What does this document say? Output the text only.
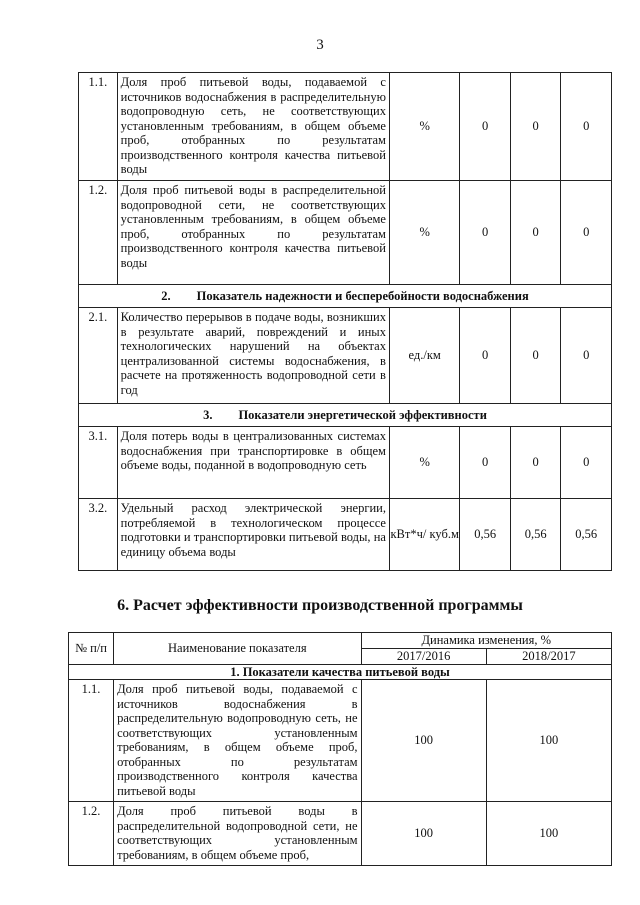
3
1.1.	Доля проб питьевой воды, подаваемой с источников водоснабжения в распределительную водопроводную сеть, не соответствующих установленным требованиям, в общем объеме проб, отобранных по результатам производственного контроля качества питьевой воды	%	0	0	0
1.2.	Доля проб питьевой воды в распределительной водопроводной сети, не соответствующих установленным требованиям, в общем объеме проб, отобранных по результатам производственного контроля качества питьевой воды	%	0	0	0
2. Показатель надежности и бесперебойности водоснабжения					
2.1.	Количество перерывов в подаче воды, возникших в результате аварий, повреждений и иных технологических нарушений на объектах централизованной системы водоснабжения, в расчете на протяженность водопроводной сети в год	ед./км	0	0	0
3. Показатели энергетической эффективности					
3.1.	Доля потерь воды в централизованных системах водоснабжения при транспортировке в общем объеме воды, поданной в водопроводную сеть	%	0	0	0
3.2.	Удельный расход электрической энергии, потребляемой в технологическом процессе подготовки и транспортировки питьевой воды, на единицу объема воды	кВт*ч/ куб.м	0,56	0,56	0,56
6. Расчет эффективности производственной программы
№ п/п	Наименование показателя	Динамика изменения, %	
		2017/2016	2018/2017
1. Показатели качества питьевой воды			
1.1.	Доля проб питьевой воды, подаваемой с источников водоснабжения в распределительную водопроводную сеть, не соответствующих установленным требованиям, в общем объеме проб, отобранных по результатам производственного контроля качества питьевой воды	100	100
1.2.	Доля проб питьевой воды в распределительной водопроводной сети, не соответствующих установленным требованиям, в общем объеме проб,	100	100
